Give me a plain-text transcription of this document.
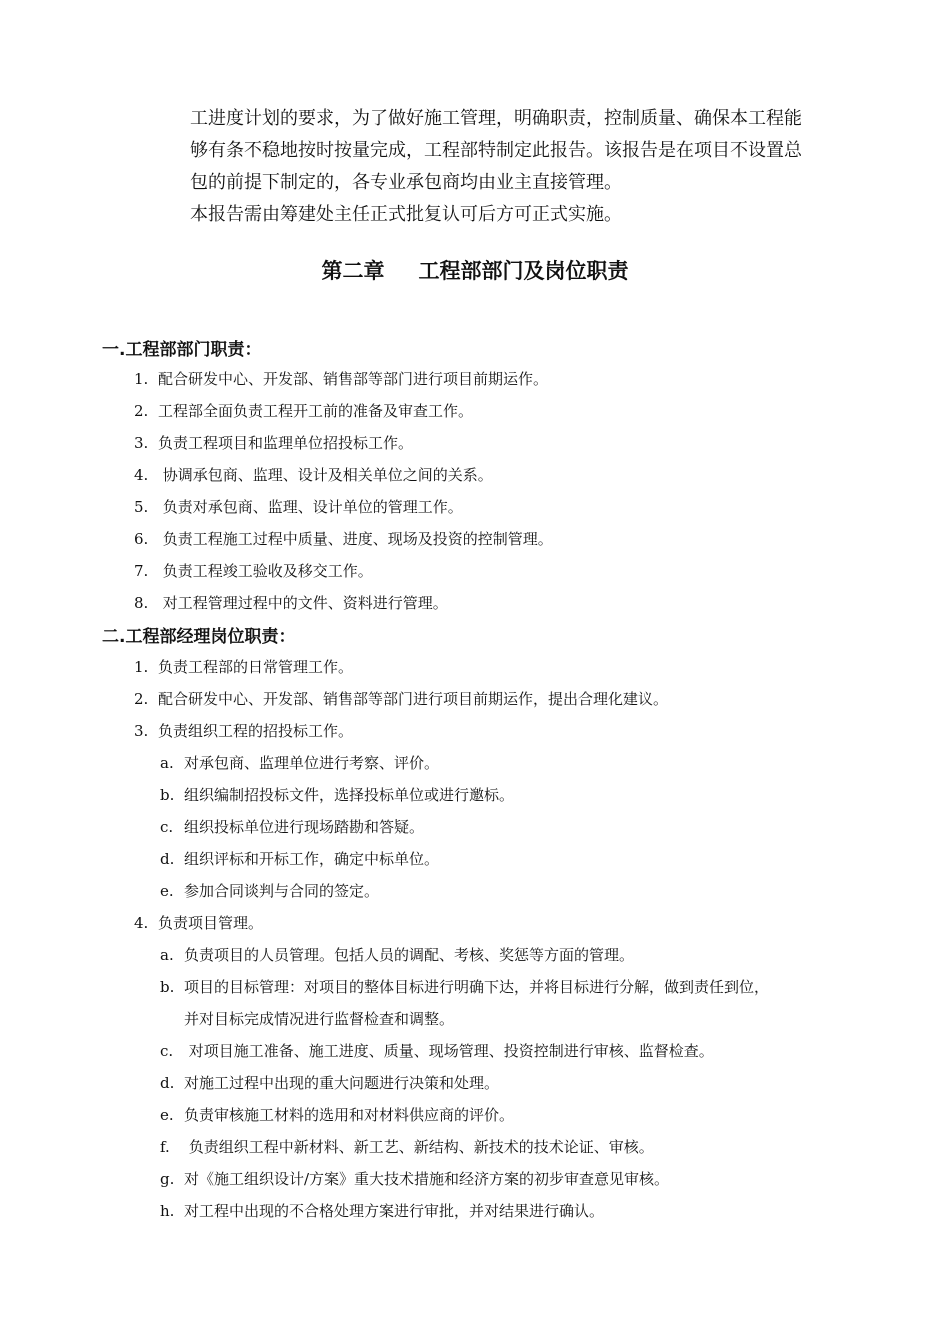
工进度计划的要求，为了做好施工管理，明确职责，控制质量、确保本工程能

够有条不稳地按时按量完成，工程部特制定此报告。该报告是在项目不设置总

包的前提下制定的，各专业承包商均由业主直接管理。

本报告需由筹建处主任正式批复认可后方可正式实施。

第二章 工程部部门及岗位职责
一.工程部部门职责：
1. 配合研发中心、开发部、销售部等部门进行项目前期运作。
2. 工程部全面负责工程开工前的准备及审查工作。
3. 负责工程项目和监理单位招投标工作。
4. 协调承包商、监理、设计及相关单位之间的关系。
5. 负责对承包商、监理、设计单位的管理工作。
6. 负责工程施工过程中质量、进度、现场及投资的控制管理。
7. 负责工程竣工验收及移交工作。
8. 对工程管理过程中的文件、资料进行管理。
二.工程部经理岗位职责：
1. 负责工程部的日常管理工作。
2. 配合研发中心、开发部、销售部等部门进行项目前期运作，提出合理化建议。
3. 负责组织工程的招投标工作。
a. 对承包商、监理单位进行考察、评价。
b. 组织编制招投标文件，选择投标单位或进行邀标。
c. 组织投标单位进行现场踏勘和答疑。
d. 组织评标和开标工作，确定中标单位。
e. 参加合同谈判与合同的签定。
4. 负责项目管理。
a. 负责项目的人员管理。包括人员的调配、考核、奖惩等方面的管理。
b. 项目的目标管理：对项目的整体目标进行明确下达，并将目标进行分解，做到责任到位，
并对目标完成情况进行监督检查和调整。
c. 对项目施工准备、施工进度、质量、现场管理、投资控制进行审核、监督检查。
d. 对施工过程中出现的重大问题进行决策和处理。
e. 负责审核施工材料的选用和对材料供应商的评价。
f. 负责组织工程中新材料、新工艺、新结构、新技术的技术论证、审核。
g. 对《施工组织设计/方案》重大技术措施和经济方案的初步审查意见审核。
h. 对工程中出现的不合格处理方案进行审批，并对结果进行确认。
